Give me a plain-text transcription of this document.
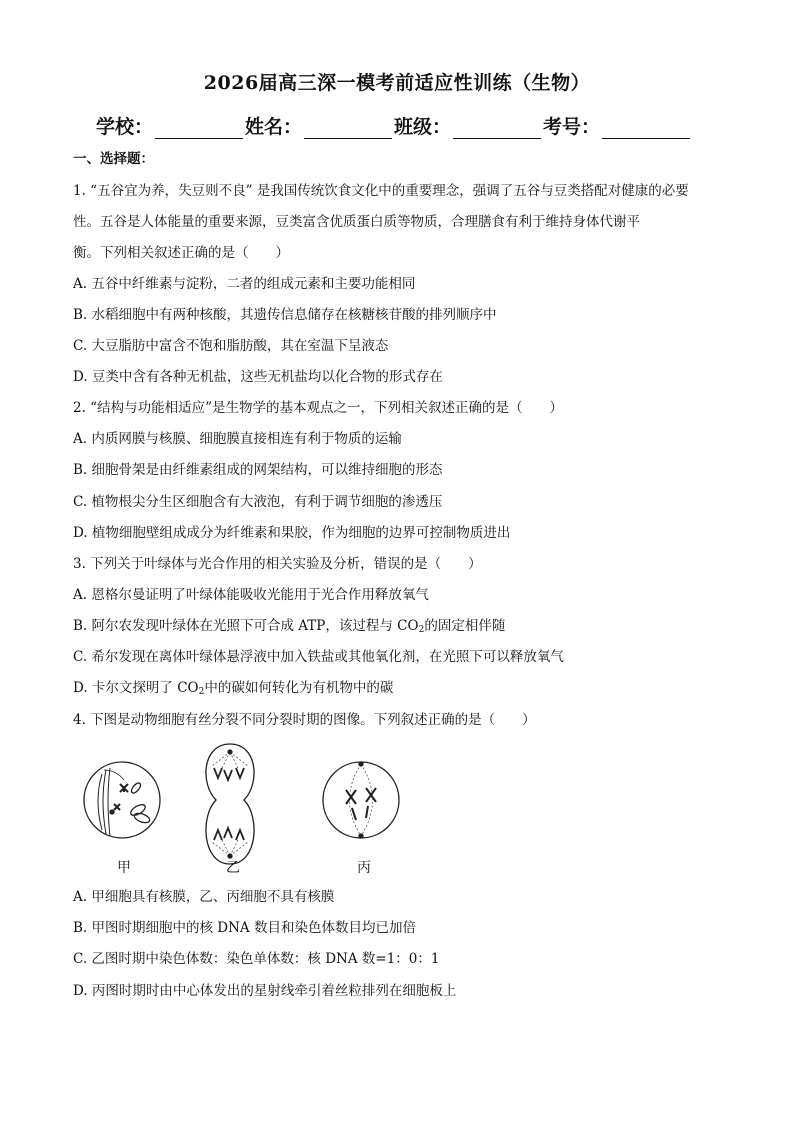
2026届高三深一模考前适应性训练（生物）
学校：	姓名：	班级：	考号：
一、选择题：
1. “五谷宜为养，失豆则不良” 是我国传统饮食文化中的重要理念，强调了五谷与豆类搭配对健康的必要
性。五谷是人体能量的重要来源，豆类富含优质蛋白质等物质，合理膳食有利于维持身体代谢平
衡。下列相关叙述正确的是（　　）
A. 五谷中纤维素与淀粉，二者的组成元素和主要功能相同
B. 水稻细胞中有两种核酸，其遗传信息储存在核糖核苷酸的排列顺序中
C. 大豆脂肪中富含不饱和脂肪酸，其在室温下呈液态
D. 豆类中含有各种无机盐，这些无机盐均以化合物的形式存在
2. “结构与功能相适应”是生物学的基本观点之一，下列相关叙述正确的是（　　）
A. 内质网膜与核膜、细胞膜直接相连有利于物质的运输
B. 细胞骨架是由纤维素组成的网架结构，可以维持细胞的形态
C. 植物根尖分生区细胞含有大液泡，有利于调节细胞的渗透压
D. 植物细胞壁组成成分为纤维素和果胶，作为细胞的边界可控制物质进出
3. 下列关于叶绿体与光合作用的相关实验及分析，错误的是（　　）
A. 恩格尔曼证明了叶绿体能吸收光能用于光合作用释放氧气
B. 阿尔农发现叶绿体在光照下可合成 ATP，该过程与 $CO_2$的固定相伴随
C. 希尔发现在离体叶绿体悬浮液中加入铁盐或其他氧化剂，在光照下可以释放氧气
D. 卡尔文探明了 $CO_2$中的碳如何转化为有机物中的碳
4. 下图是动物细胞有丝分裂不同分裂时期的图像。下列叙述正确的是（　　）
甲	乙	丙
A. 甲细胞具有核膜，乙、丙细胞不具有核膜
B. 甲图时期细胞中的核 DNA 数目和染色体数目均已加倍
C. 乙图时期中染色体数：染色单体数：核 DNA 数=1：0：1
D. 丙图时期时由中心体发出的星射线牵引着丝粒排列在细胞板上
